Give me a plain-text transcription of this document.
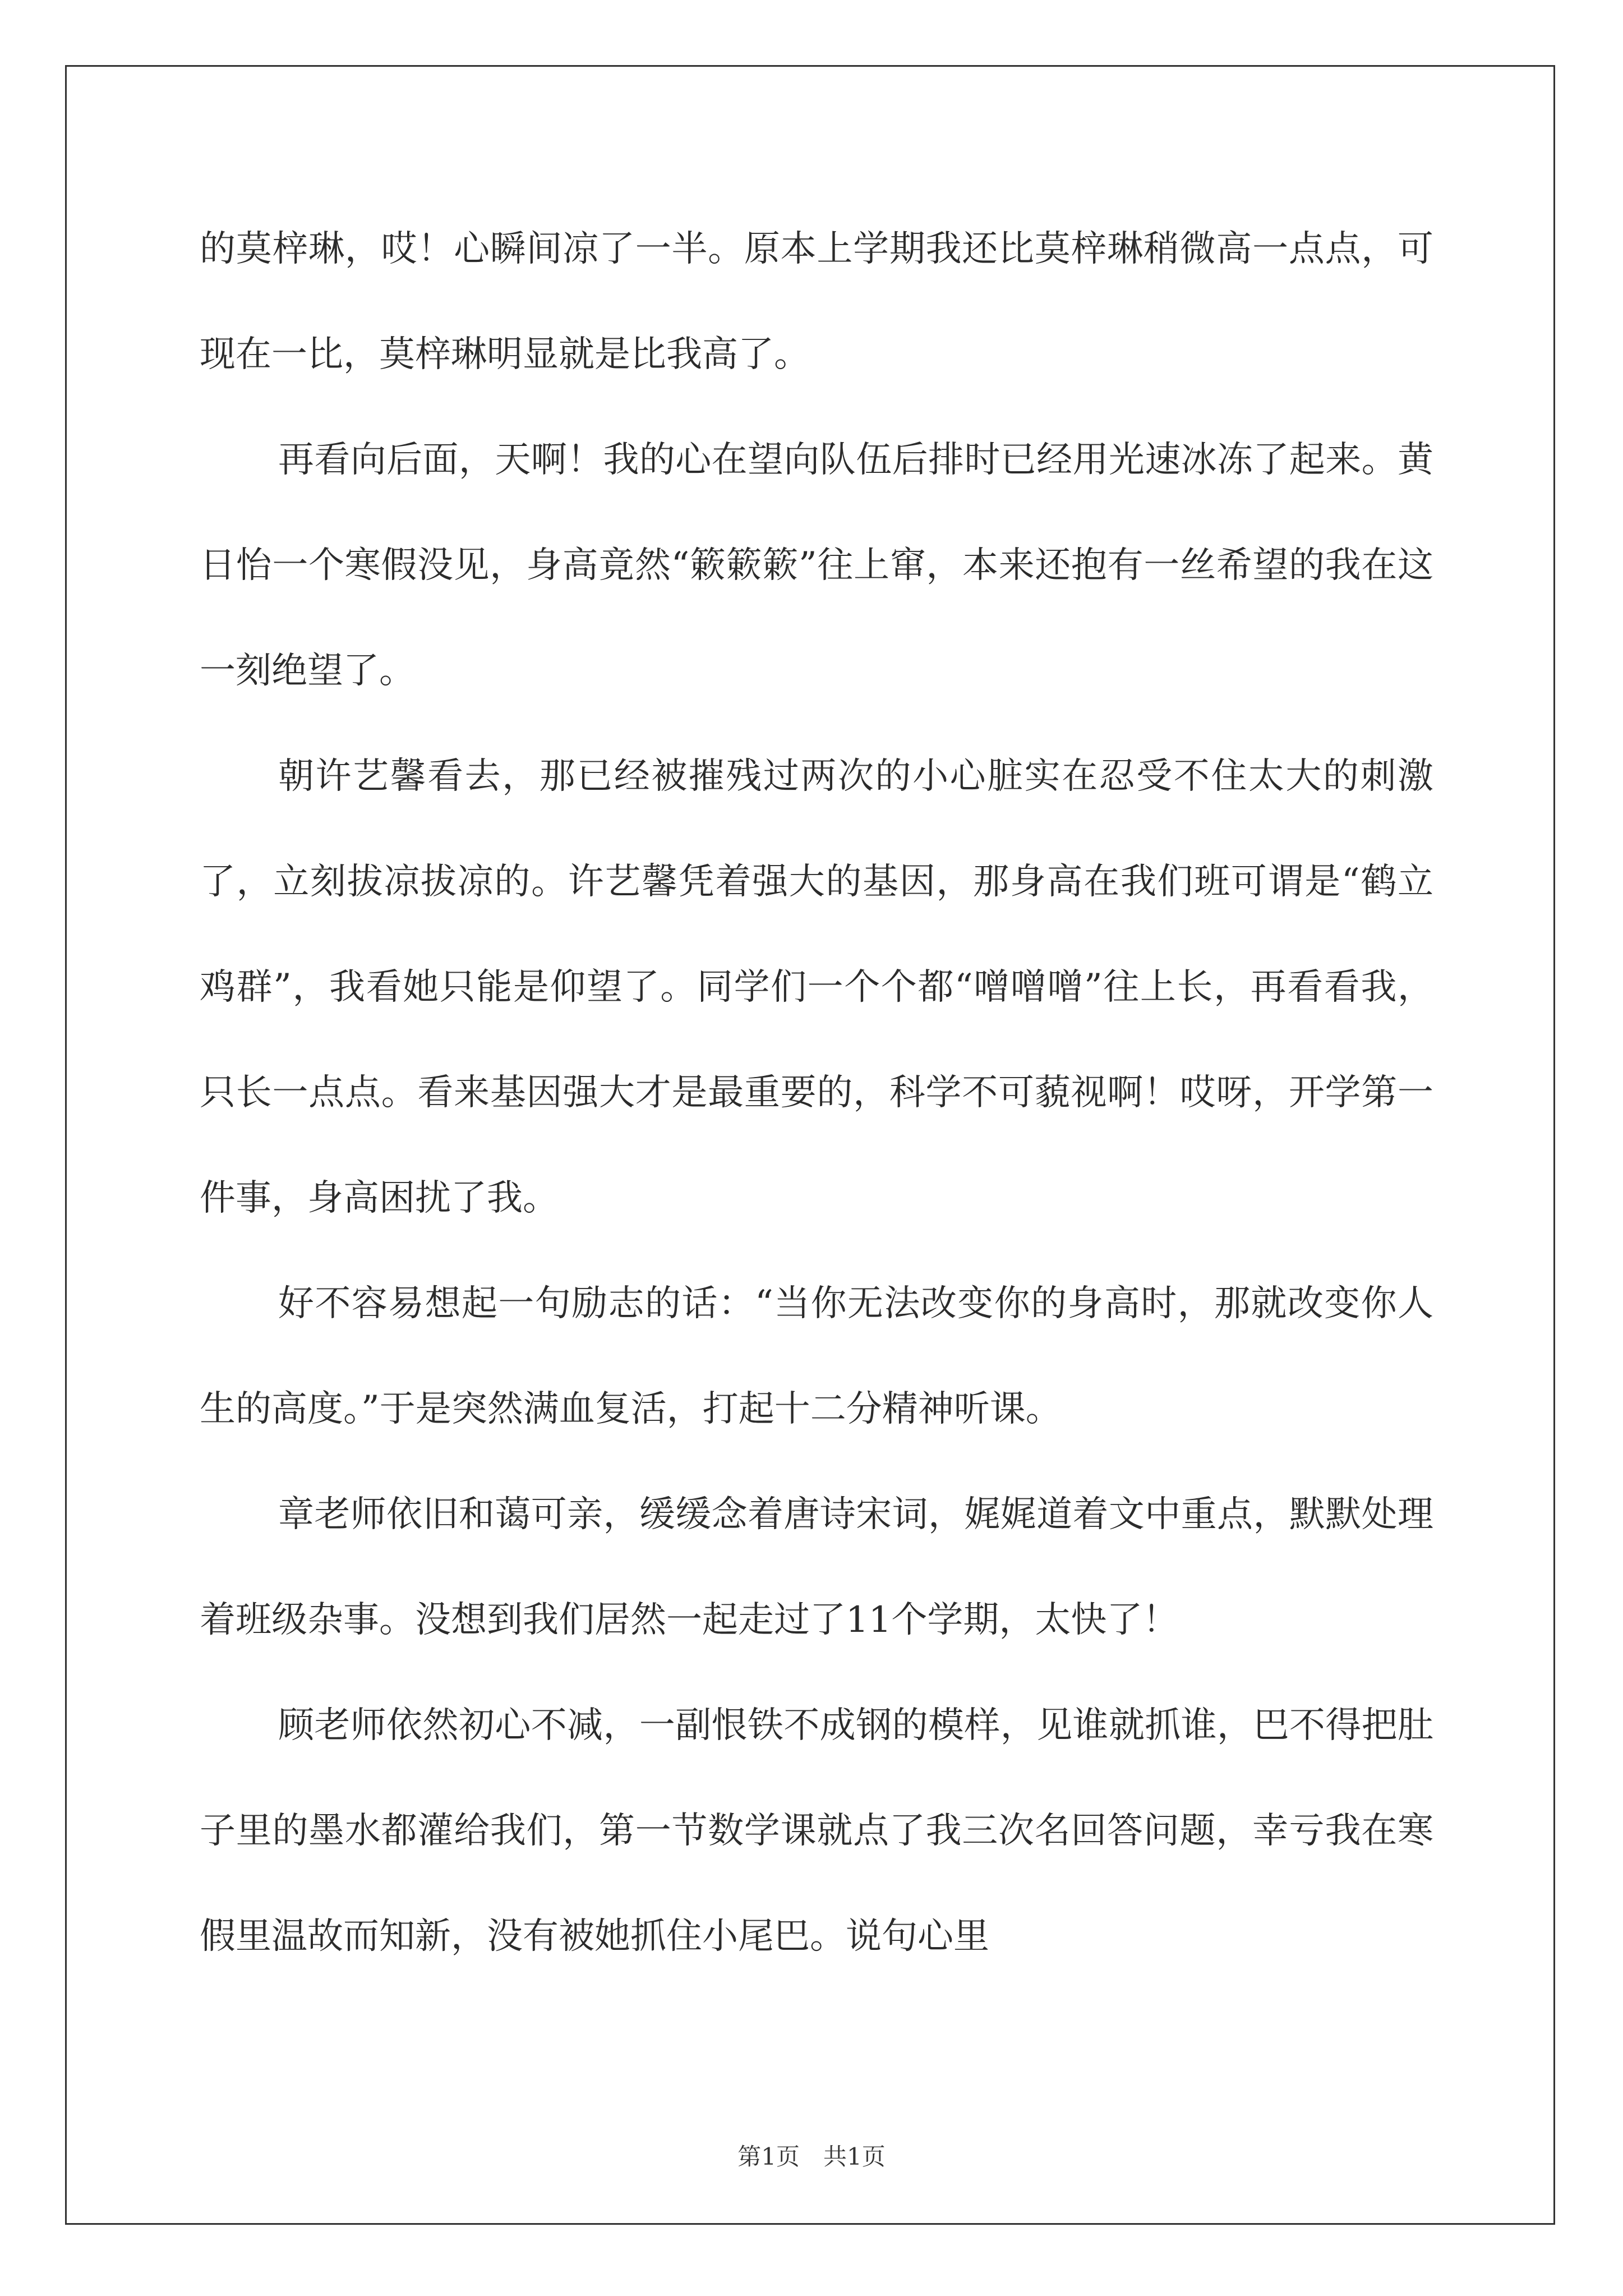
的莫梓琳，哎！心瞬间凉了一半。原本上学期我还比莫梓琳稍微高一点点，可现在一比，莫梓琳明显就是比我高了。

再看向后面，天啊！我的心在望向队伍后排时已经用光速冰冻了起来。黄日怡一个寒假没见，身高竟然“簌簌簌”往上窜，本来还抱有一丝希望的我在这一刻绝望了。

朝许艺馨看去，那已经被摧残过两次的小心脏实在忍受不住太大的刺激了，立刻拔凉拔凉的。许艺馨凭着强大的基因，那身高在我们班可谓是“鹤立鸡群”，我看她只能是仰望了。同学们一个个都“噌噌噌”往上长，再看看我，只长一点点。看来基因强大才是最重要的，科学不可藐视啊！哎呀，开学第一件事，身高困扰了我。

好不容易想起一句励志的话：“当你无法改变你的身高时，那就改变你人生的高度。”于是突然满血复活，打起十二分精神听课。

章老师依旧和蔼可亲，缓缓念着唐诗宋词，娓娓道着文中重点，默默处理着班级杂事。没想到我们居然一起走过了11个学期，太快了！

顾老师依然初心不减，一副恨铁不成钢的模样，见谁就抓谁，巴不得把肚子里的墨水都灌给我们，第一节数学课就点了我三次名回答问题，幸亏我在寒假里温故而知新，没有被她抓住小尾巴。说句心里

第1页　共1页
